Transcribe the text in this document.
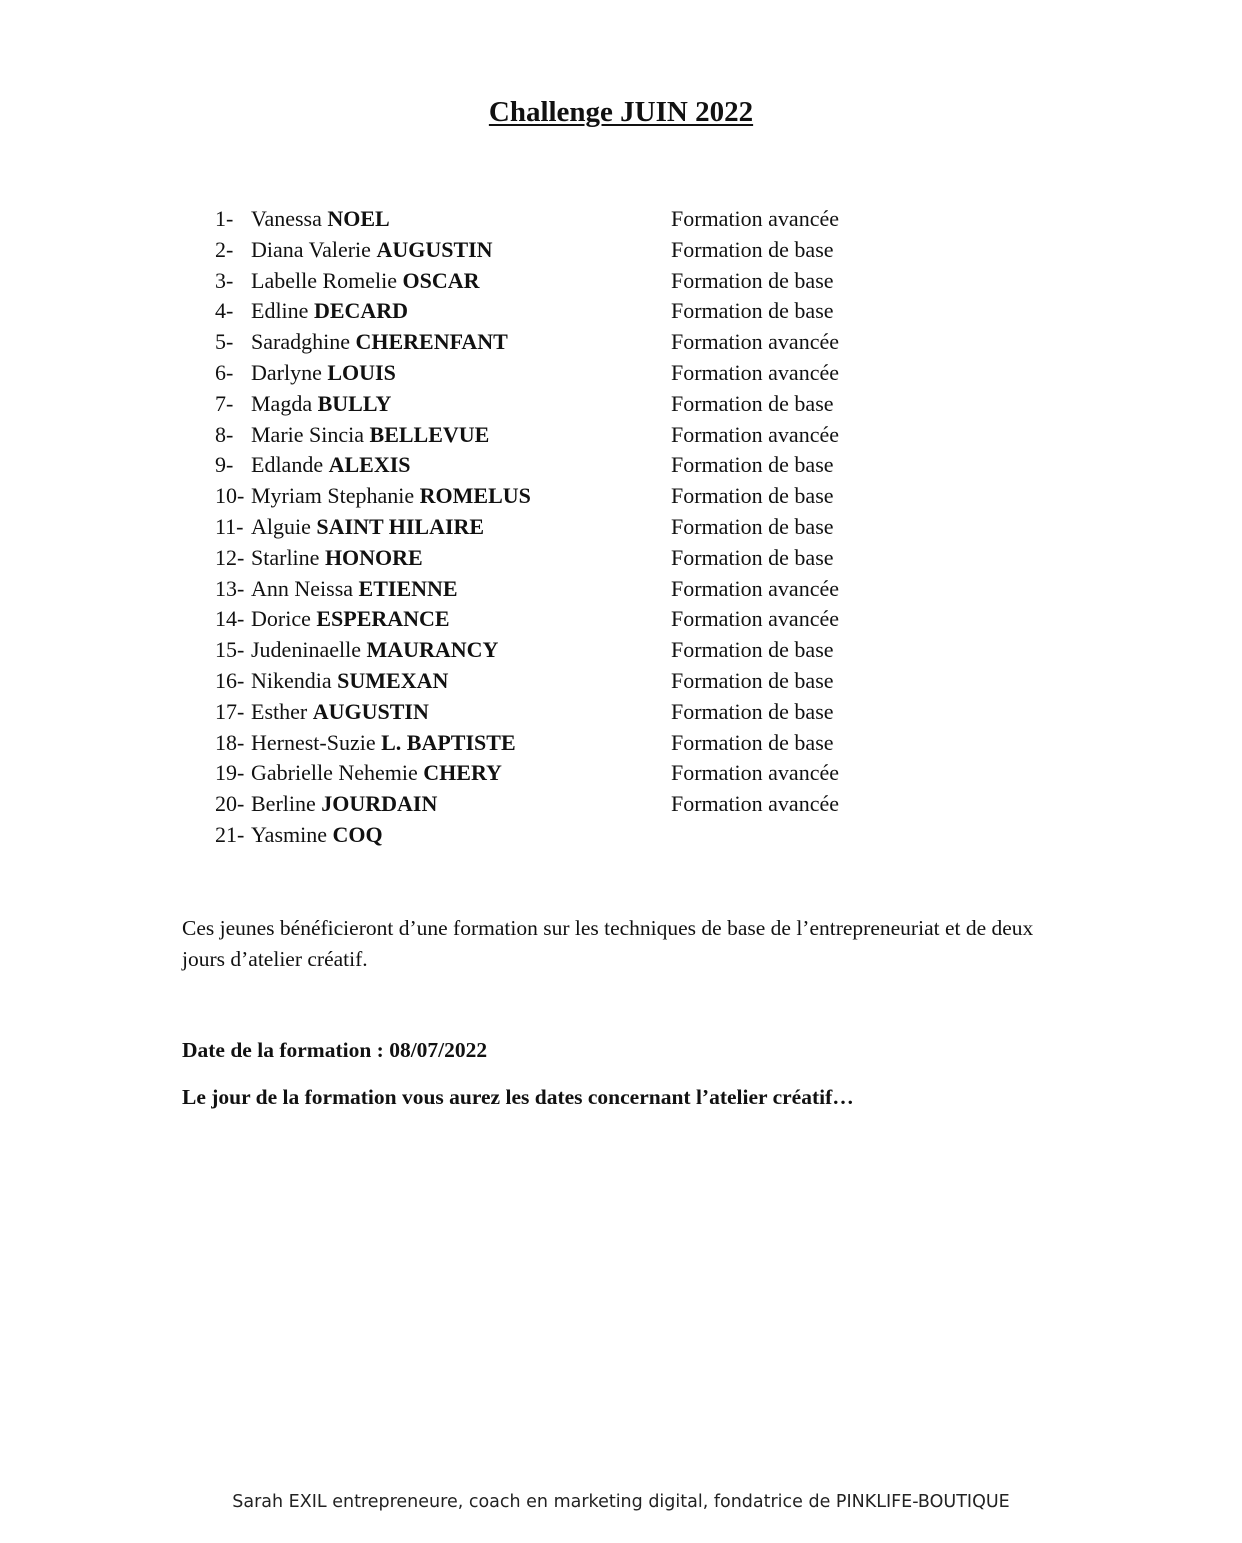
Challenge JUIN 2022
1- Vanessa NOEL	Formation avancée
2- Diana Valerie AUGUSTIN	Formation de base
3- Labelle Romelie OSCAR	Formation de base
4- Edline DECARD	Formation de base
5- Saradghine CHERENFANT	Formation avancée
6- Darlyne LOUIS	Formation avancée
7- Magda BULLY	Formation de base
8- Marie Sincia BELLEVUE	Formation avancée
9- Edlande ALEXIS	Formation de base
10- Myriam Stephanie ROMELUS	Formation de base
11- Alguie SAINT HILAIRE	Formation de base
12- Starline HONORE	Formation de base
13- Ann Neissa ETIENNE	Formation avancée
14- Dorice ESPERANCE	Formation avancée
15- Judeninaelle MAURANCY	Formation de base
16- Nikendia SUMEXAN	Formation de base
17- Esther AUGUSTIN	Formation de base
18- Hernest-Suzie L. BAPTISTE	Formation de base
19- Gabrielle Nehemie CHERY	Formation avancée
20- Berline JOURDAIN	Formation avancée
21- Yasmine COQ
Ces jeunes bénéficieront d’une formation sur les techniques de base de l’entrepreneuriat et de deux jours d’atelier créatif.
Date de la formation : 08/07/2022
Le jour de la formation vous aurez les dates concernant l’atelier créatif…
Sarah EXIL entrepreneure, coach en marketing digital, fondatrice de PINKLIFE-BOUTIQUE
